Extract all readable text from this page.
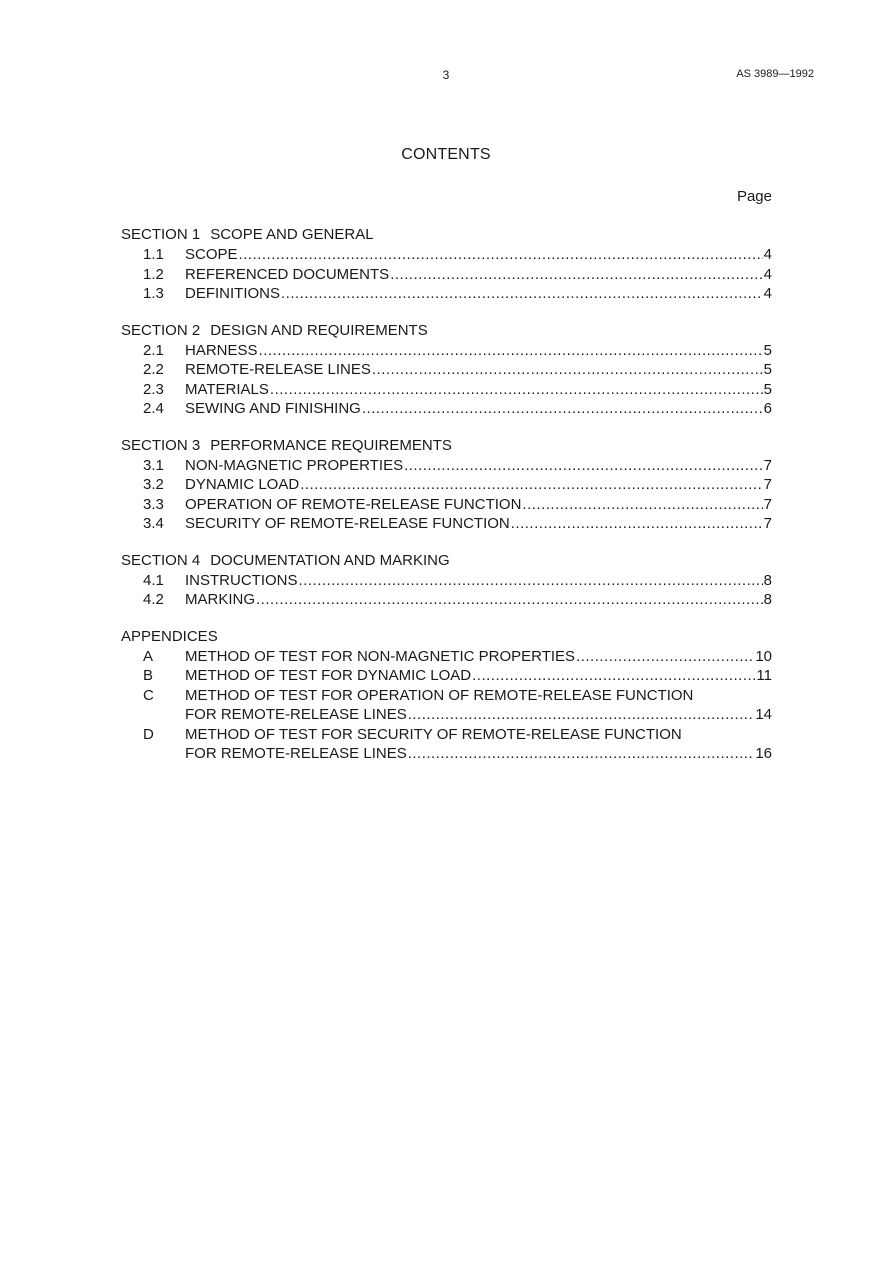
3	AS 3989—1992
CONTENTS
Page
SECTION 1 SCOPE AND GENERAL
1.1	SCOPE .....	4
1.2	REFERENCED DOCUMENTS .....	4
1.3	DEFINITIONS .....	4
SECTION 2 DESIGN AND REQUIREMENTS
2.1	HARNESS .....	5
2.2	REMOTE-RELEASE LINES .....	5
2.3	MATERIALS .....	5
2.4	SEWING AND FINISHING .....	6
SECTION 3 PERFORMANCE REQUIREMENTS
3.1	NON-MAGNETIC PROPERTIES .....	7
3.2	DYNAMIC LOAD .....	7
3.3	OPERATION OF REMOTE-RELEASE FUNCTION .....	7
3.4	SECURITY OF REMOTE-RELEASE FUNCTION .....	7
SECTION 4 DOCUMENTATION AND MARKING
4.1	INSTRUCTIONS .....	8
4.2	MARKING .....	8
APPENDICES
A	METHOD OF TEST FOR NON-MAGNETIC PROPERTIES .....	10
B	METHOD OF TEST FOR DYNAMIC LOAD .....	11
C	METHOD OF TEST FOR OPERATION OF REMOTE-RELEASE FUNCTION
FOR REMOTE-RELEASE LINES .....	14
D	METHOD OF TEST FOR SECURITY OF REMOTE-RELEASE FUNCTION
FOR REMOTE-RELEASE LINES .....	16
